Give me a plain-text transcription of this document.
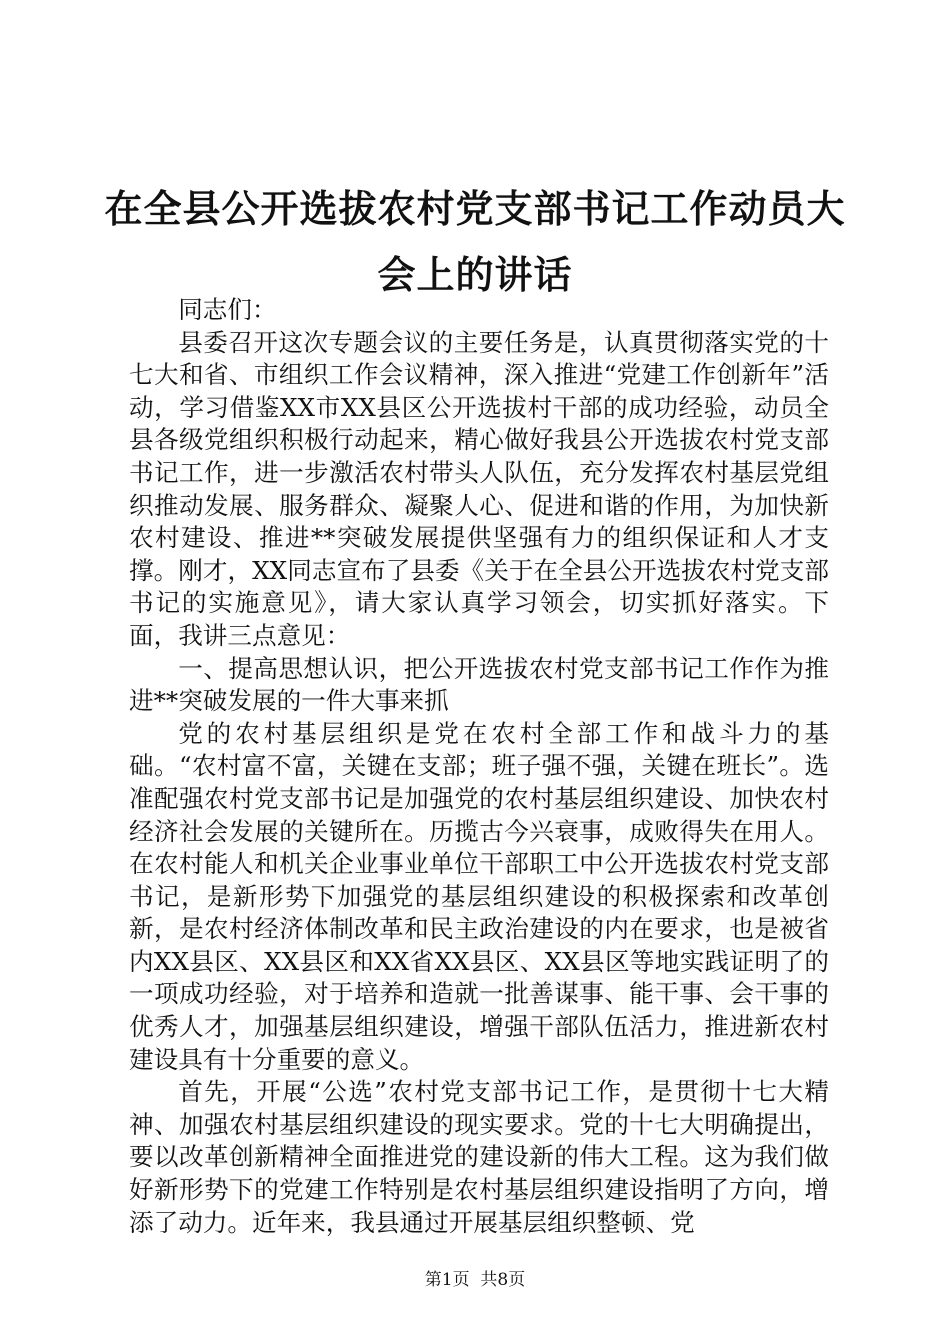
在全县公开选拔农村党支部书记工作动员大会上的讲话

同志们：

县委召开这次专题会议的主要任务是，认真贯彻落实党的十七大和省、市组织工作会议精神，深入推进“党建工作创新年”活动，学习借鉴XX市XX县区公开选拔村干部的成功经验，动员全县各级党组织积极行动起来，精心做好我县公开选拔农村党支部书记工作，进一步激活农村带头人队伍，充分发挥农村基层党组织推动发展、服务群众、凝聚人心、促进和谐的作用，为加快新农村建设、推进**突破发展提供坚强有力的组织保证和人才支撑。刚才，XX同志宣布了县委《关于在全县公开选拔农村党支部书记的实施意见》，请大家认真学习领会，切实抓好落实。下面，我讲三点意见：

一、提高思想认识，把公开选拔农村党支部书记工作作为推进**突破发展的一件大事来抓

党的农村基层组织是党在农村全部工作和战斗力的基础。“农村富不富，关键在支部；班子强不强，关键在班长”。选准配强农村党支部书记是加强党的农村基层组织建设、加快农村经济社会发展的关键所在。历揽古今兴衰事，成败得失在用人。在农村能人和机关企业事业单位干部职工中公开选拔农村党支部书记，是新形势下加强党的基层组织建设的积极探索和改革创新，是农村经济体制改革和民主政治建设的内在要求，也是被省内XX县区、XX县区和XX省XX县区、XX县区等地实践证明了的一项成功经验，对于培养和造就一批善谋事、能干事、会干事的优秀人才，加强基层组织建设，增强干部队伍活力，推进新农村建设具有十分重要的意义。

首先，开展“公选”农村党支部书记工作，是贯彻十七大精神、加强农村基层组织建设的现实要求。党的十七大明确提出，要以改革创新精神全面推进党的建设新的伟大工程。这为我们做好新形势下的党建工作特别是农村基层组织建设指明了方向，增添了动力。近年来，我县通过开展基层组织整顿、党

第1页  共8页
